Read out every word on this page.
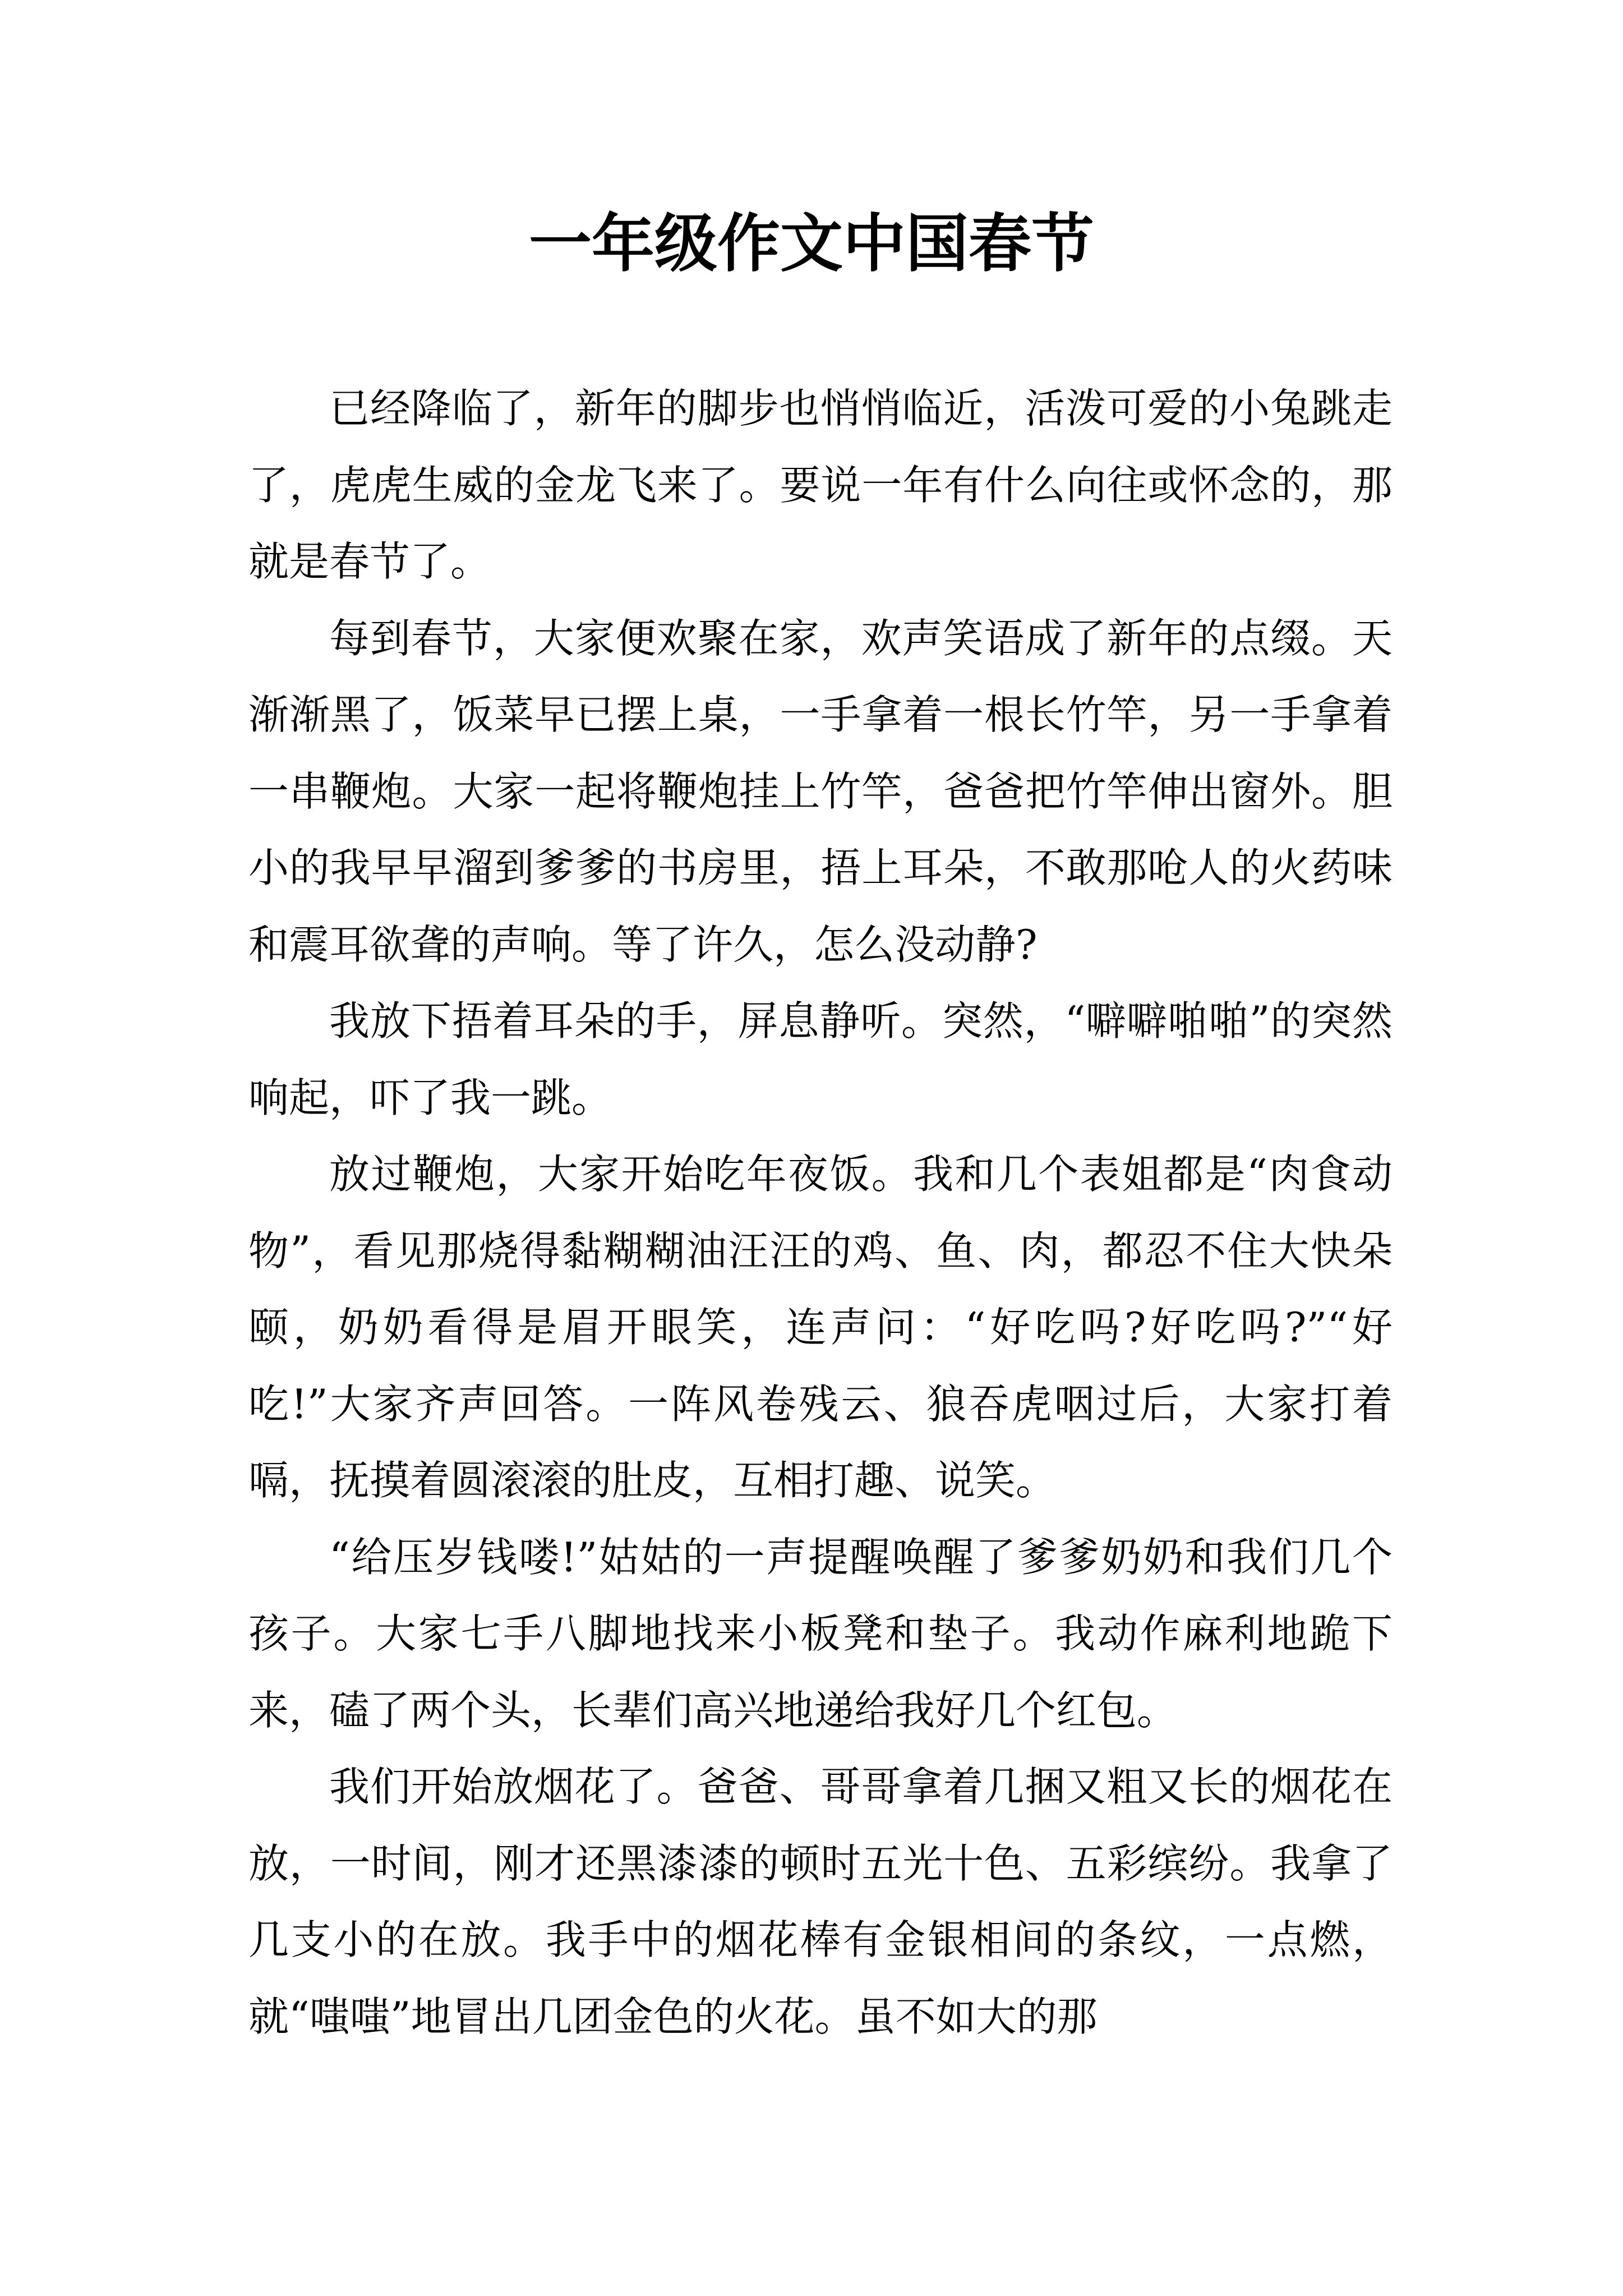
一年级作文中国春节

已经降临了，新年的脚步也悄悄临近，活泼可爱的小兔跳走了，虎虎生威的金龙飞来了。要说一年有什么向往或怀念的，那就是春节了。

每到春节，大家便欢聚在家，欢声笑语成了新年的点缀。天渐渐黑了，饭菜早已摆上桌，一手拿着一根长竹竿，另一手拿着一串鞭炮。大家一起将鞭炮挂上竹竿，爸爸把竹竿伸出窗外。胆小的我早早溜到爹爹的书房里，捂上耳朵，不敢那呛人的火药味和震耳欲聋的声响。等了许久，怎么没动静?

我放下捂着耳朵的手，屏息静听。突然，“噼噼啪啪”的突然响起，吓了我一跳。

放过鞭炮，大家开始吃年夜饭。我和几个表姐都是“肉食动物”，看见那烧得黏糊糊油汪汪的鸡、鱼、肉，都忍不住大快朵颐，奶奶看得是眉开眼笑，连声问：“好吃吗?好吃吗?”“好吃!”大家齐声回答。一阵风卷残云、狼吞虎咽过后，大家打着嗝，抚摸着圆滚滚的肚皮，互相打趣、说笑。

“给压岁钱喽!”姑姑的一声提醒唤醒了爹爹奶奶和我们几个孩子。大家七手八脚地找来小板凳和垫子。我动作麻利地跪下来，磕了两个头，长辈们高兴地递给我好几个红包。

我们开始放烟花了。爸爸、哥哥拿着几捆又粗又长的烟花在放，一时间，刚才还黑漆漆的顿时五光十色、五彩缤纷。我拿了几支小的在放。我手中的烟花棒有金银相间的条纹，一点燃，就“嗤嗤”地冒出几团金色的火花。虽不如大的那
